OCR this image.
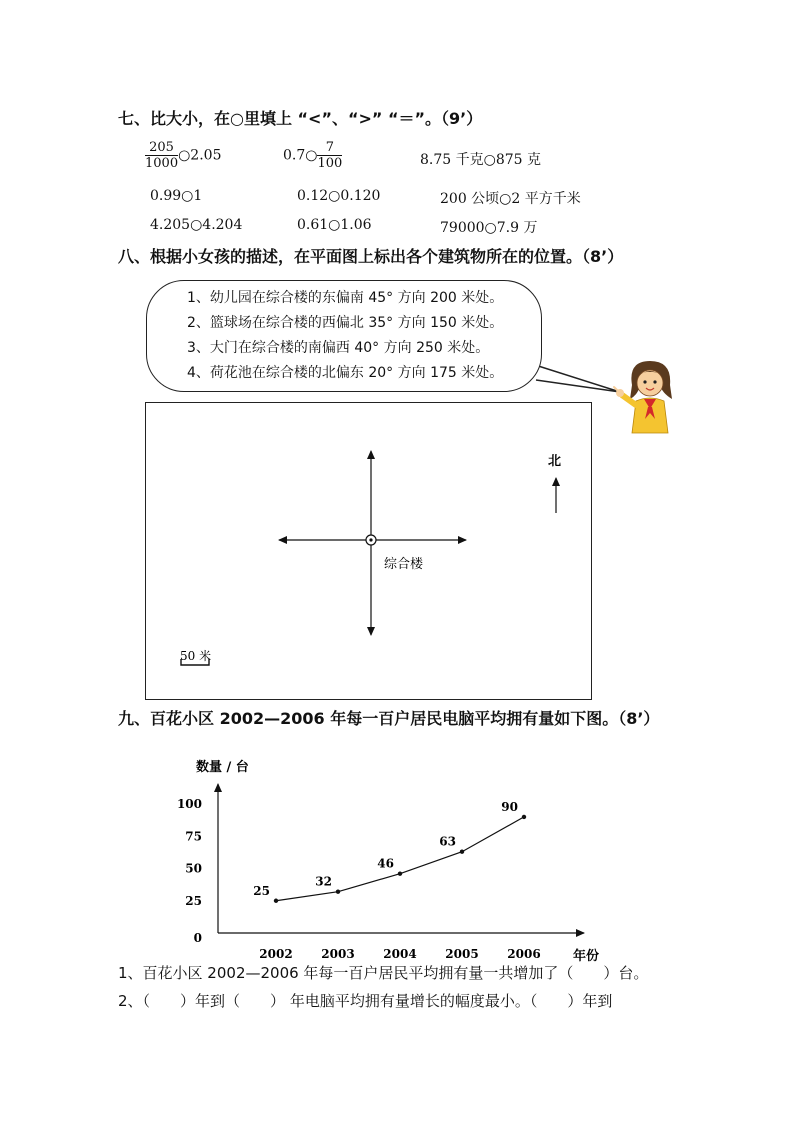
七、比大小，在○里填上 “<”、“>” “＝”。（9’）
$\frac{205}{1000}$ ○2.05	0.7○ $\frac{7}{100}$	8.75 千克○875 克
0.99○1	0.12○0.120	200 公顷○2 平方千米
4.205○4.204	0.61○1.06	79000○7.9 万
八、根据小女孩的描述，在平面图上标出各个建筑物所在的位置。（8’）
1、幼儿园在综合楼的东偏南 45° 方向 200 米处。
2、篮球场在综合楼的西偏北 35° 方向 150 米处。
3、大门在综合楼的南偏西 40° 方向 250 米处。
4、荷花池在综合楼的北偏东 20° 方向 175 米处。
北
综合楼
50 米
九、百花小区 2002—2006 年每一百户居民电脑平均拥有量如下图。（8’）
数量 / 台
年份
0
25
50
75
100
2002 2003 2004 2005 2006
25
32
46
63
90
1、百花小区 2002—2006 年每一百户居民平均拥有量一共增加了（　　）台。
2、（　　）年到（　　） 年电脑平均拥有量增长的幅度最小。（　　）年到
